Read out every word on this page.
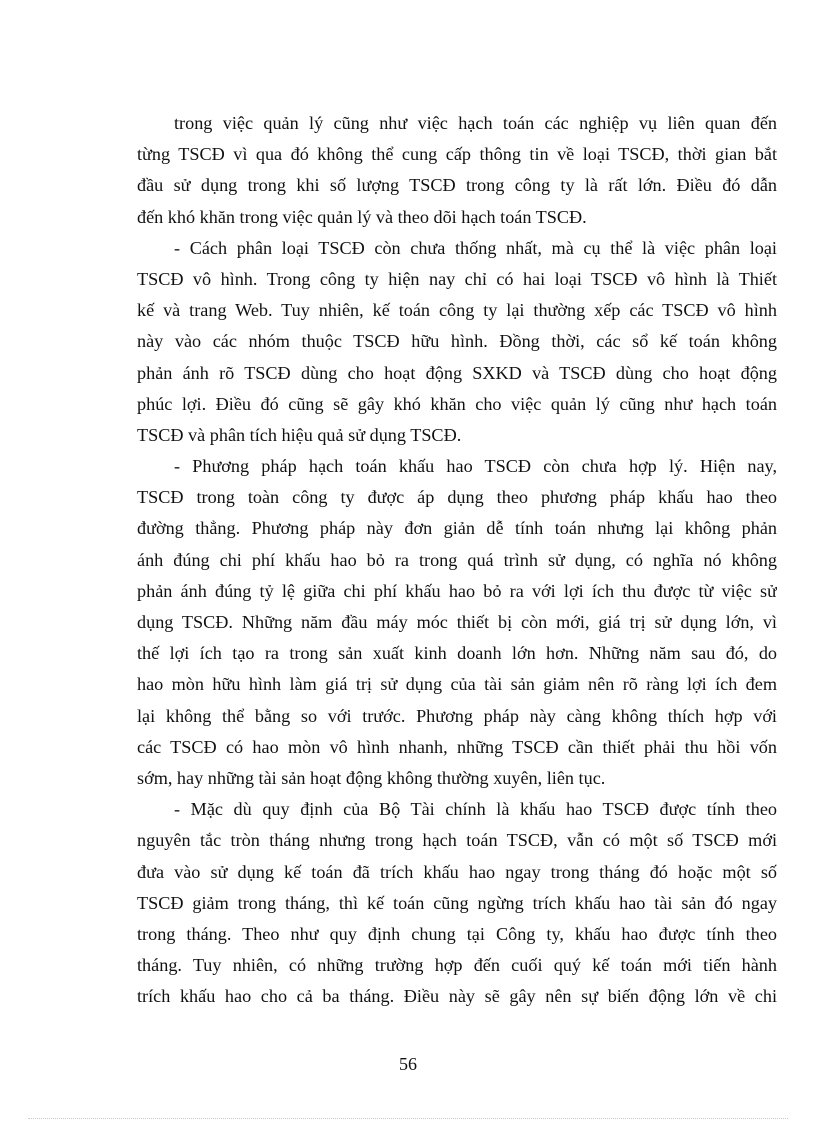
trong việc quản lý cũng như việc hạch toán các nghiệp vụ liên quan đến
từng TSCĐ vì qua đó không thể cung cấp thông tin về loại TSCĐ, thời gian bắt
đầu sử dụng trong khi số lượng TSCĐ trong công ty là rất lớn. Điều đó dẫn
đến khó khăn trong việc quản lý và theo dõi hạch toán TSCĐ.
- Cách phân loại TSCĐ còn chưa thống nhất, mà cụ thể là việc phân loại
TSCĐ vô hình. Trong công ty hiện nay chỉ có hai loại TSCĐ vô hình là Thiết
kế và trang Web. Tuy nhiên, kế toán công ty lại thường xếp các TSCĐ vô hình
này vào các nhóm thuộc TSCĐ hữu hình. Đồng thời, các sổ kế toán không
phản ánh rõ TSCĐ dùng cho hoạt động SXKD và TSCĐ dùng cho hoạt động
phúc lợi. Điều đó cũng sẽ gây khó khăn cho việc quản lý cũng như hạch toán
TSCĐ và phân tích hiệu quả sử dụng TSCĐ.
- Phương pháp hạch toán khấu hao TSCĐ còn chưa hợp lý. Hiện nay,
TSCĐ trong toàn công ty được áp dụng theo phương pháp khấu hao theo
đường thẳng. Phương pháp này đơn giản dễ tính toán nhưng lại không phản
ánh đúng chi phí khấu hao bỏ ra trong quá trình sử dụng, có nghĩa nó không
phản ánh đúng tỷ lệ giữa chi phí khấu hao bỏ ra với lợi ích thu được từ việc sử
dụng TSCĐ. Những năm đầu máy móc thiết bị còn mới, giá trị sử dụng lớn, vì
thế lợi ích tạo ra trong sản xuất kinh doanh lớn hơn. Những năm sau đó, do
hao mòn hữu hình làm giá trị sử dụng của tài sản giảm nên rõ ràng lợi ích đem
lại không thể bằng so với trước. Phương pháp này càng không thích hợp với
các TSCĐ có hao mòn vô hình nhanh, những TSCĐ cần thiết phải thu hồi vốn
sớm, hay những tài sản hoạt động không thường xuyên, liên tục.
- Mặc dù quy định của Bộ Tài chính là khấu hao TSCĐ được tính theo
nguyên tắc tròn tháng nhưng trong hạch toán TSCĐ, vẫn có một số TSCĐ mới
đưa vào sử dụng kế toán đã trích khấu hao ngay trong tháng đó hoặc một số
TSCĐ giảm trong tháng, thì kế toán cũng ngừng trích khấu hao tài sản đó ngay
trong tháng. Theo như quy định chung tại Công ty, khấu hao được tính theo
tháng. Tuy nhiên, có những trường hợp đến cuối quý kế toán mới tiến hành
trích khấu hao cho cả ba tháng. Điều này sẽ gây nên sự biến động lớn về chi
56
